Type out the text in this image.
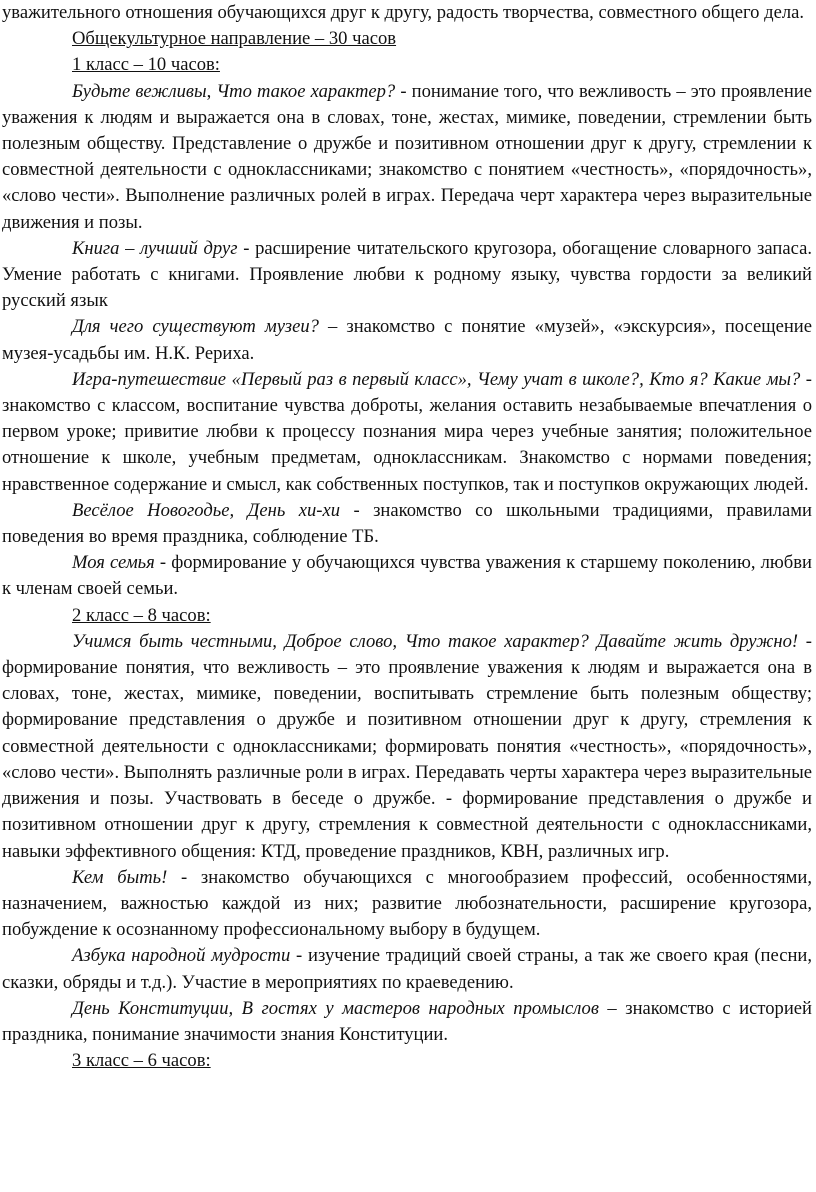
уважительного отношения обучающихся друг к другу, радость творчества, совместного общего дела.

Общекультурное направление – 30 часов

1 класс – 10 часов:

Будьте вежливы, Что такое характер? - понимание того, что вежливость – это проявление уважения к людям и выражается она в словах, тоне, жестах, мимике, поведении, стремлении быть полезным обществу. Представление о дружбе и позитивном отношении друг к другу, стремлении к совместной деятельности с одноклассниками; знакомство с понятием «честность», «порядочность», «слово чести». Выполнение различных ролей в играх. Передача черт характера через выразительные движения и позы.

Книга – лучший друг - расширение читательского кругозора, обогащение словарного запаса. Умение работать с книгами. Проявление любви к родному языку, чувства гордости за великий русский язык

Для чего существуют музеи? – знакомство с понятие «музей», «экскурсия», посещение музея-усадьбы им. Н.К. Рериха.

Игра-путешествие «Первый раз в первый класс», Чему учат в школе?, Кто я? Какие мы? - знакомство с классом, воспитание чувства доброты, желания оставить незабываемые впечатления о первом уроке; привитие любви к процессу познания мира через учебные занятия; положительное отношение к школе, учебным предметам, одноклассникам. Знакомство с нормами поведения; нравственное содержание и смысл, как собственных поступков, так и поступков окружающих людей.

Весёлое Новогодье, День хи-хи - знакомство со школьными традициями, правилами поведения во время праздника, соблюдение ТБ.

Моя семья - формирование у обучающихся чувства уважения к старшему поколению, любви к членам своей семьи.

2 класс – 8 часов:

Учимся быть честными, Доброе слово, Что такое характер? Давайте жить дружно! - формирование понятия, что вежливость – это проявление уважения к людям и выражается она в словах, тоне, жестах, мимике, поведении, воспитывать стремление быть полезным обществу; формирование представления о дружбе и позитивном отношении друг к другу, стремления к совместной деятельности с одноклассниками; формировать понятия «честность», «порядочность», «слово чести». Выполнять различные роли в играх. Передавать черты характера через выразительные движения и позы. Участвовать в беседе о дружбе. - формирование представления о дружбе и позитивном отношении друг к другу, стремления к совместной деятельности с одноклассниками, навыки эффективного общения: КТД, проведение праздников, КВН, различных игр.

Кем быть! - знакомство обучающихся с многообразием профессий, особенностями, назначением, важностью каждой из них; развитие любознательности, расширение кругозора, побуждение к осознанному профессиональному выбору в будущем.

Азбука народной мудрости - изучение традиций своей страны, а так же своего края (песни, сказки, обряды и т.д.). Участие в мероприятиях по краеведению.

День Конституции, В гостях у мастеров народных промыслов – знакомство с историей праздника, понимание значимости знания Конституции.

3 класс – 6 часов:
